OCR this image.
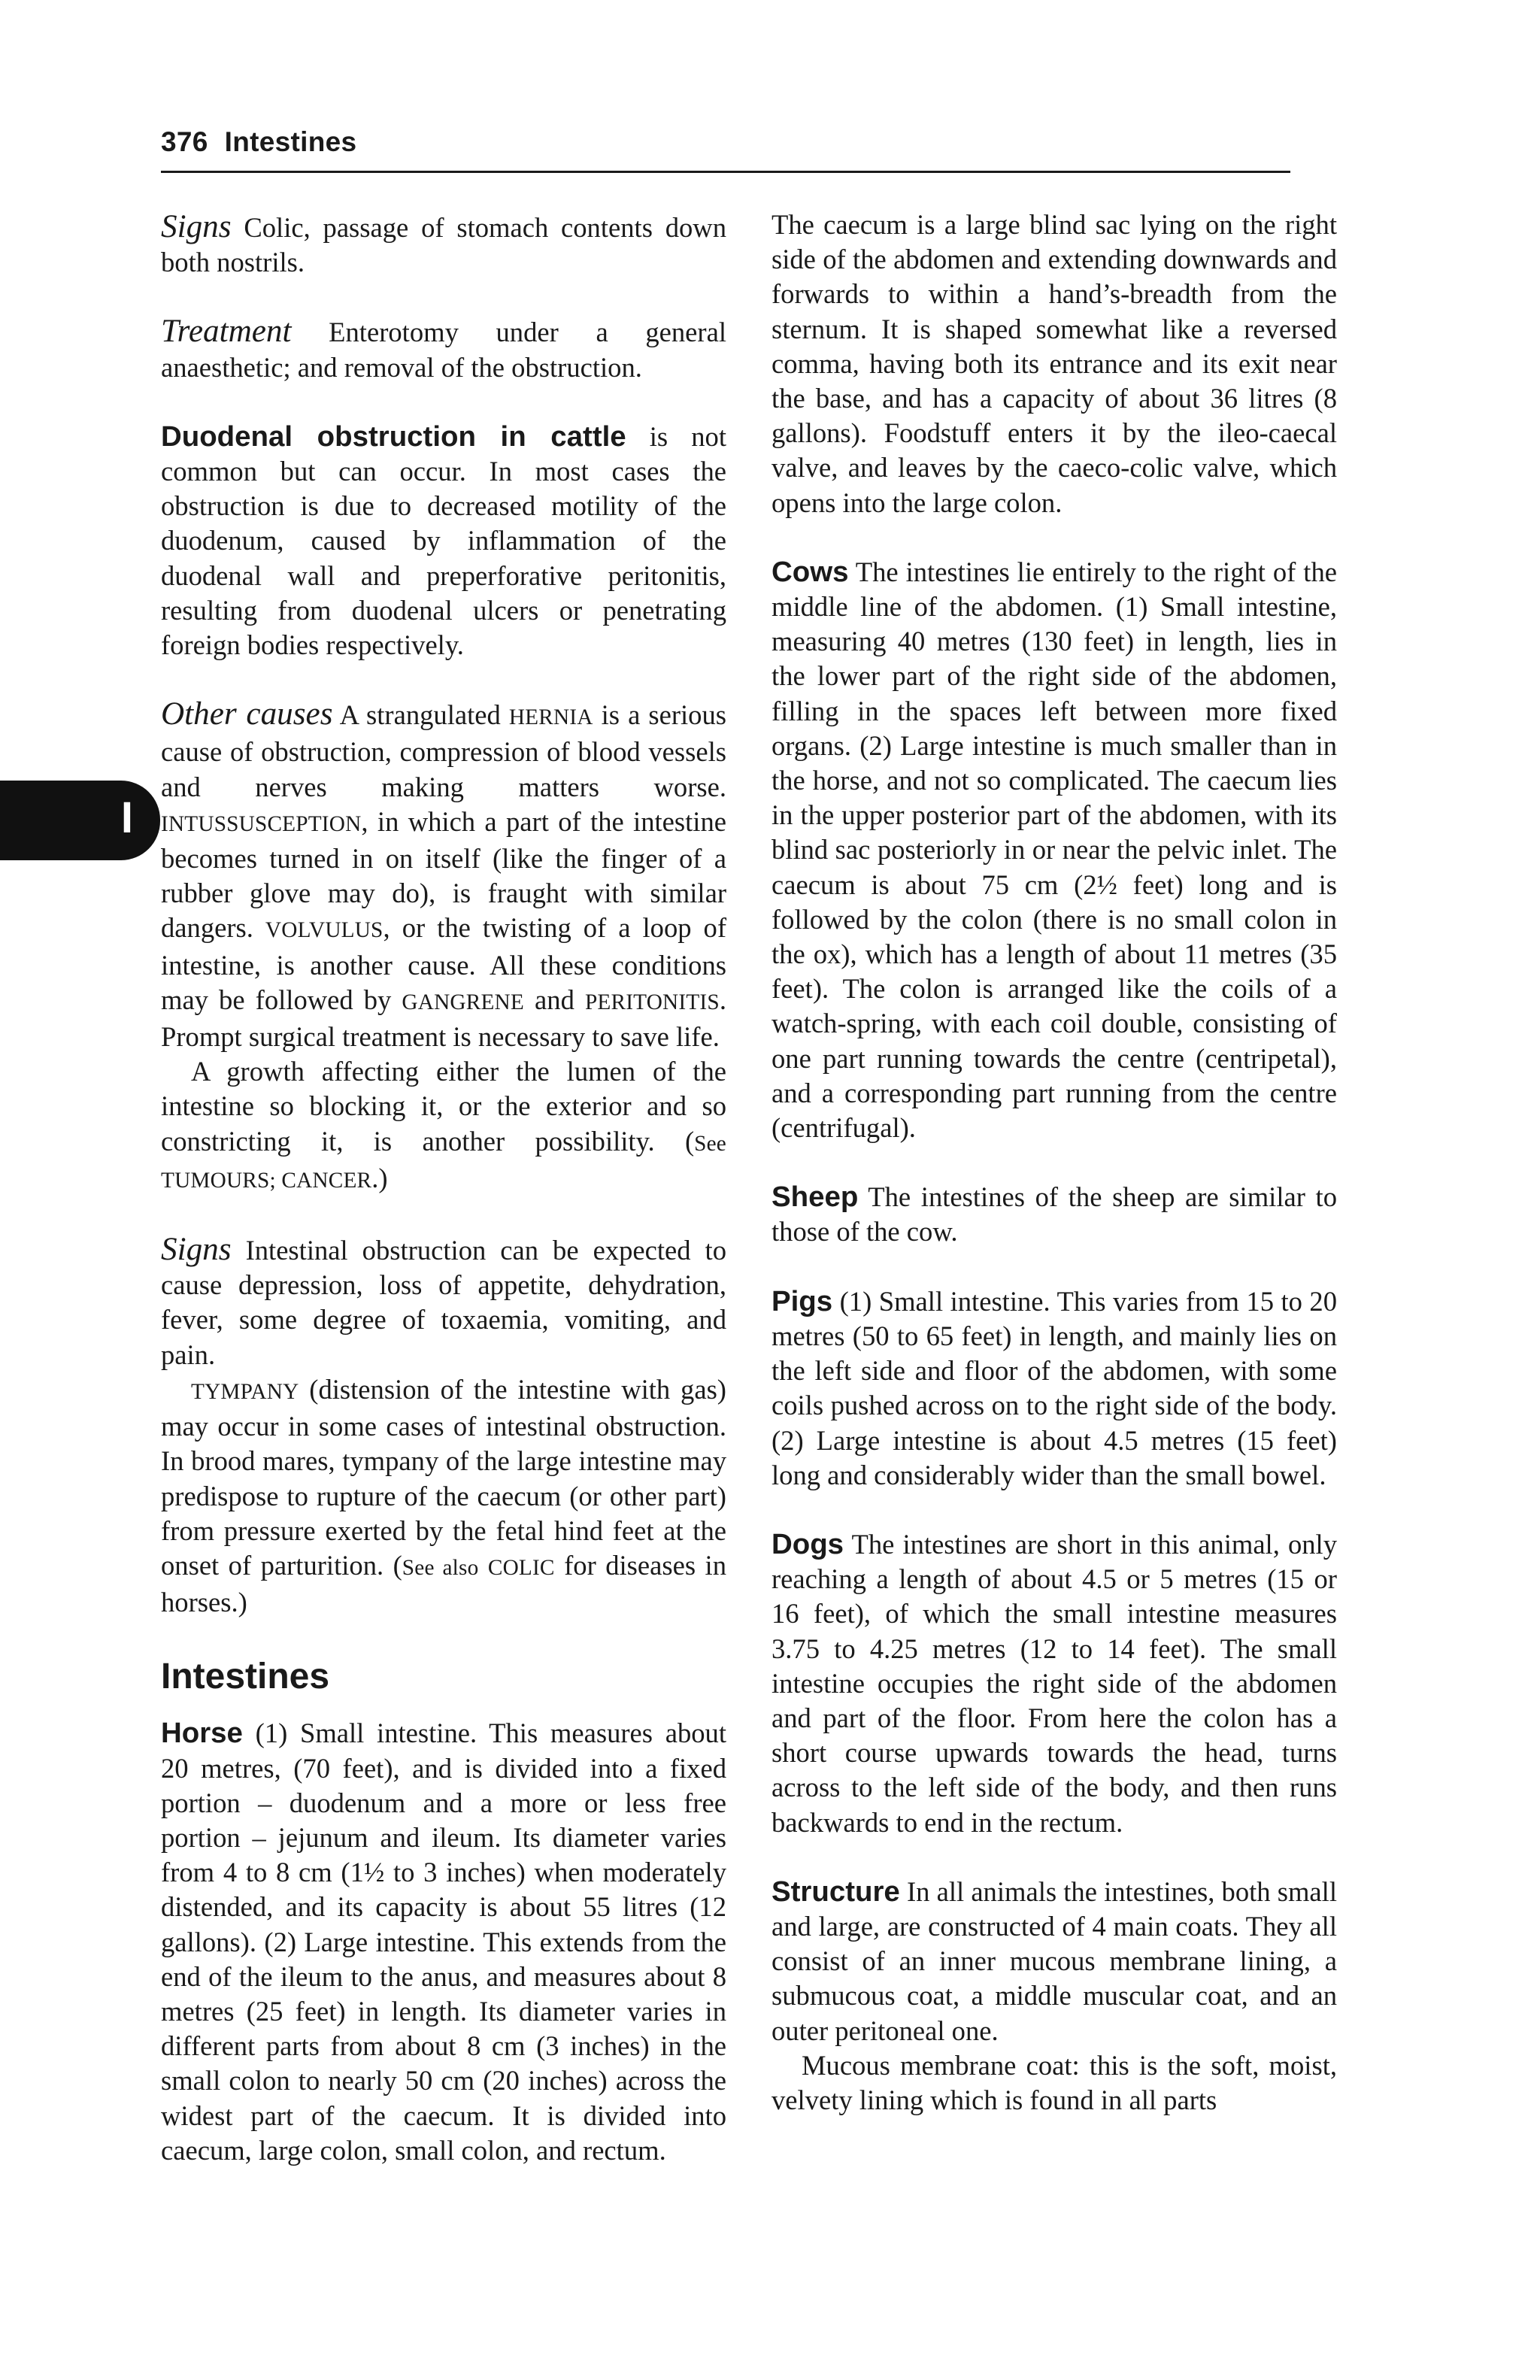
376 Intestines
I

Signs Colic, passage of stomach contents down both nostrils.

Treatment Enterotomy under a general anaesthetic; and removal of the obstruction.

Duodenal obstruction in cattle is not common but can occur. In most cases the obstruction is due to decreased motility of the duodenum, caused by inflammation of the duodenal wall and preperforative peritonitis, resulting from duodenal ulcers or penetrating foreign bodies respectively.

Other causes A strangulated HERNIA is a serious cause of obstruction, compression of blood vessels and nerves making matters worse. INTUSSUSCEPTION, in which a part of the intestine becomes turned in on itself (like the finger of a rubber glove may do), is fraught with similar dangers. VOLVULUS, or the twisting of a loop of intestine, is another cause. All these conditions may be followed by GANGRENE and PERITONITIS. Prompt surgical treatment is necessary to save life.

A growth affecting either the lumen of the intestine so blocking it, or the exterior and so constricting it, is another possibility. (See TUMOURS; CANCER.)

Signs Intestinal obstruction can be expected to cause depression, loss of appetite, dehydration, fever, some degree of toxaemia, vomiting, and pain.

TYMPANY (distension of the intestine with gas) may occur in some cases of intestinal obstruction. In brood mares, tympany of the large intestine may predispose to rupture of the caecum (or other part) from pressure exerted by the fetal hind feet at the onset of parturition. (See also COLIC for diseases in horses.)

Intestines

Horse (1) Small intestine. This measures about 20 metres, (70 feet), and is divided into a fixed portion – duodenum and a more or less free portion – jejunum and ileum. Its diameter varies from 4 to 8 cm (1½ to 3 inches) when moderately distended, and its capacity is about 55 litres (12 gallons). (2) Large intestine. This extends from the end of the ileum to the anus, and measures about 8 metres (25 feet) in length. Its diameter varies in different parts from about 8 cm (3 inches) in the small colon to nearly 50 cm (20 inches) across the widest part of the caecum. It is divided into caecum, large colon, small colon, and rectum.

The caecum is a large blind sac lying on the right side of the abdomen and extending downwards and forwards to within a hand’s-breadth from the sternum. It is shaped somewhat like a reversed comma, having both its entrance and its exit near the base, and has a capacity of about 36 litres (8 gallons). Foodstuff enters it by the ileo-caecal valve, and leaves by the caeco-colic valve, which opens into the large colon.

Cows The intestines lie entirely to the right of the middle line of the abdomen. (1) Small intestine, measuring 40 metres (130 feet) in length, lies in the lower part of the right side of the abdomen, filling in the spaces left between more fixed organs. (2) Large intestine is much smaller than in the horse, and not so complicated. The caecum lies in the upper posterior part of the abdomen, with its blind sac posteriorly in or near the pelvic inlet. The caecum is about 75 cm (2½ feet) long and is followed by the colon (there is no small colon in the ox), which has a length of about 11 metres (35 feet). The colon is arranged like the coils of a watch-spring, with each coil double, consisting of one part running towards the centre (centripetal), and a corresponding part running from the centre (centrifugal).

Sheep The intestines of the sheep are similar to those of the cow.

Pigs (1) Small intestine. This varies from 15 to 20 metres (50 to 65 feet) in length, and mainly lies on the left side and floor of the abdomen, with some coils pushed across on to the right side of the body. (2) Large intestine is about 4.5 metres (15 feet) long and considerably wider than the small bowel.

Dogs The intestines are short in this animal, only reaching a length of about 4.5 or 5 metres (15 or 16 feet), of which the small intestine measures 3.75 to 4.25 metres (12 to 14 feet). The small intestine occupies the right side of the abdomen and part of the floor. From here the colon has a short course upwards towards the head, turns across to the left side of the body, and then runs backwards to end in the rectum.

Structure In all animals the intestines, both small and large, are constructed of 4 main coats. They all consist of an inner mucous membrane lining, a submucous coat, a middle muscular coat, and an outer peritoneal one.

Mucous membrane coat: this is the soft, moist, velvety lining which is found in all parts
